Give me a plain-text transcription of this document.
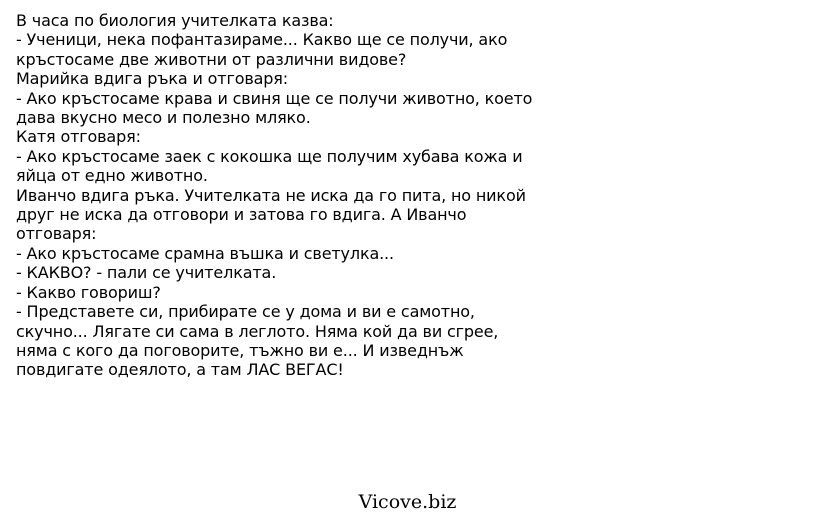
В часа по биология учителката казва:
- Ученици, нека пофантазираме... Какво ще се получи, ако
кръстосаме две животни от различни видове?
Марийка вдига ръка и отговаря:
- Ако кръстосаме крава и свиня ще се получи животно, което
дава вкусно месо и полезно мляко.
Катя отговаря:
- Ако кръстосаме заек с кокошка ще получим хубава кожа и
яйца от едно животно.
Иванчо вдига ръка. Учителката не иска да го пита, но никой
друг не иска да отговори и затова го вдига. А Иванчо
отговаря:
- Ако кръстосаме срамна въшка и светулка...
- КАКВО? - пали се учителката.
- Какво говориш?
- Представете си, прибирате се у дома и ви е самотно,
скучно... Лягате си сама в леглото. Няма кой да ви сгрее,
няма с кого да поговорите, тъжно ви е... И изведнъж
повдигате одеялото, а там ЛАС ВЕГАС!
Vicove.biz
